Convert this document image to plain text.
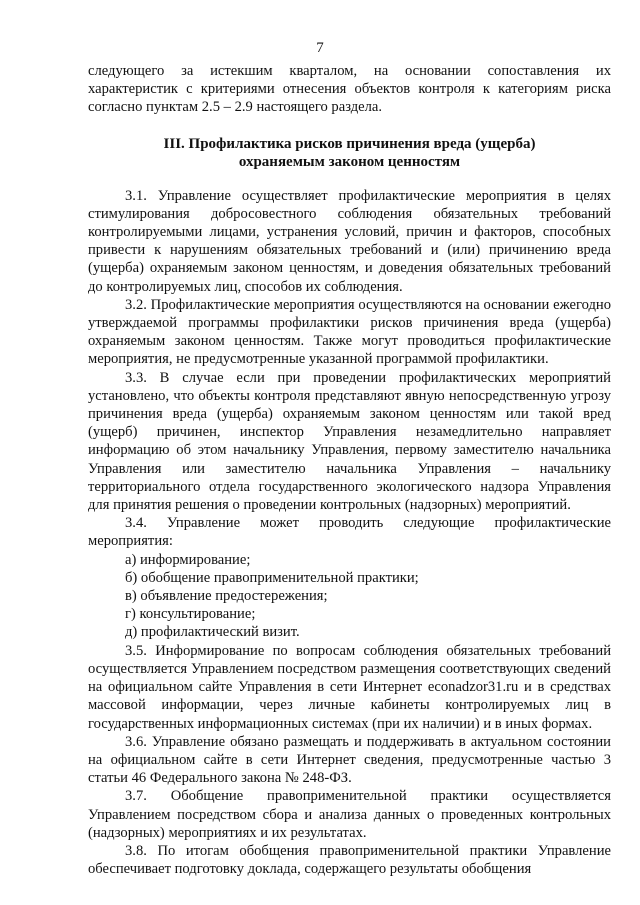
7

следующего за истекшим кварталом, на основании сопоставления их характеристик с критериями отнесения объектов контроля к категориям риска согласно пунктам 2.5 – 2.9 настоящего раздела.

III. Профилактика рисков причинения вреда (ущерба)
охраняемым законом ценностям

3.1. Управление осуществляет профилактические мероприятия в целях стимулирования добросовестного соблюдения обязательных требований контролируемыми лицами, устранения условий, причин и факторов, способных привести к нарушениям обязательных требований и (или) причинению вреда (ущерба) охраняемым законом ценностям, и доведения обязательных требований до контролируемых лиц, способов их соблюдения.

3.2. Профилактические мероприятия осуществляются на основании ежегодно утверждаемой программы профилактики рисков причинения вреда (ущерба) охраняемым законом ценностям. Также могут проводиться профилактические мероприятия, не предусмотренные указанной программой профилактики.

3.3. В случае если при проведении профилактических мероприятий установлено, что объекты контроля представляют явную непосредственную угрозу причинения вреда (ущерба) охраняемым законом ценностям или такой вред (ущерб) причинен, инспектор Управления незамедлительно направляет информацию об этом начальнику Управления, первому заместителю начальника Управления или заместителю начальника Управления – начальнику территориального отдела государственного экологического надзора Управления для принятия решения о проведении контрольных (надзорных) мероприятий.

3.4. Управление может проводить следующие профилактические мероприятия:

а) информирование;

б) обобщение правоприменительной практики;

в) объявление предостережения;

г) консультирование;

д) профилактический визит.

3.5. Информирование по вопросам соблюдения обязательных требований осуществляется Управлением посредством размещения соответствующих сведений на официальном сайте Управления в сети Интернет econadzor31.ru и в средствах массовой информации, через личные кабинеты контролируемых лиц в государственных информационных системах (при их наличии) и в иных формах.

3.6. Управление обязано размещать и поддерживать в актуальном состоянии на официальном сайте в сети Интернет сведения, предусмотренные частью 3 статьи 46 Федерального закона № 248-ФЗ.

3.7. Обобщение правоприменительной практики осуществляется Управлением посредством сбора и анализа данных о проведенных контрольных (надзорных) мероприятиях и их результатах.

3.8. По итогам обобщения правоприменительной практики Управление обеспечивает подготовку доклада, содержащего результаты обобщения
